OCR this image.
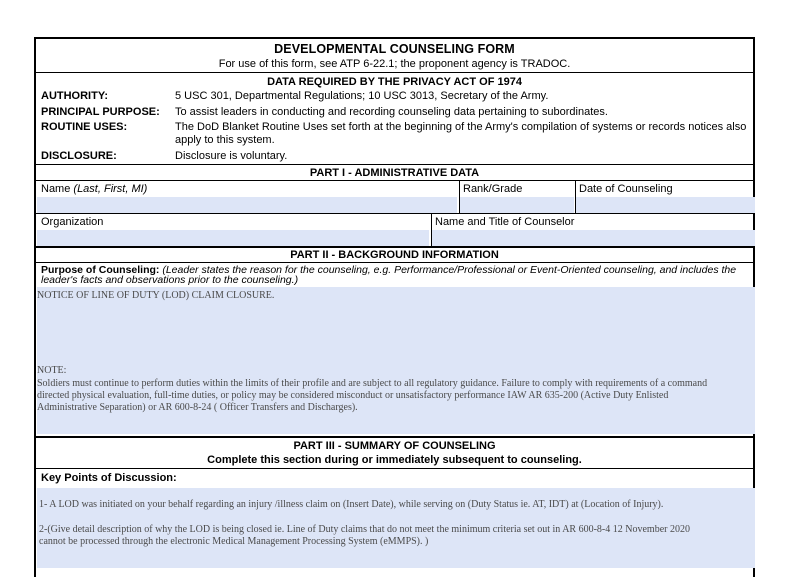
DEVELOPMENTAL COUNSELING FORM
For use of this form, see ATP 6-22.1; the proponent agency is TRADOC.
DATA REQUIRED BY THE PRIVACY ACT OF 1974
AUTHORITY:	5 USC 301, Departmental Regulations; 10 USC 3013, Secretary of the Army.
PRINCIPAL PURPOSE: To assist leaders in conducting and recording counseling data pertaining to subordinates.
ROUTINE USES:	The DoD Blanket Routine Uses set forth at the beginning of the Army's compilation of systems or records notices also
apply to this system.
DISCLOSURE:	Disclosure is voluntary.
PART I - ADMINISTRATIVE DATA
Name (Last, First, MI)	Rank/Grade	Date of Counseling
Organization	Name and Title of Counselor
PART II - BACKGROUND INFORMATION
Purpose of Counseling: (Leader states the reason for the counseling, e.g. Performance/Professional or Event-Oriented counseling, and includes the
leader's facts and observations prior to the counseling.)
NOTICE OF LINE OF DUTY (LOD) CLAIM CLOSURE.
NOTE:
Soldiers must continue to perform duties within the limits of their profile and are subject to all regulatory guidance. Failure to comply with requirements of a command
directed physical evaluation, full-time duties, or policy may be considered misconduct or unsatisfactory performance IAW AR 635-200 (Active Duty Enlisted
Administrative Separation) or AR 600-8-24 ( Officer Transfers and Discharges).
PART III - SUMMARY OF COUNSELING
Complete this section during or immediately subsequent to counseling.
Key Points of Discussion:
1- A LOD was initiated on your behalf regarding an injury /illness claim on (Insert Date), while serving on (Duty Status ie. AT, IDT) at (Location of Injury).
2-(Give detail description of why the LOD is being closed ie. Line of Duty claims that do not meet the minimum criteria set out in AR 600-8-4 12 November 2020
cannot be processed through the electronic Medical Management Processing System (eMMPS). )
